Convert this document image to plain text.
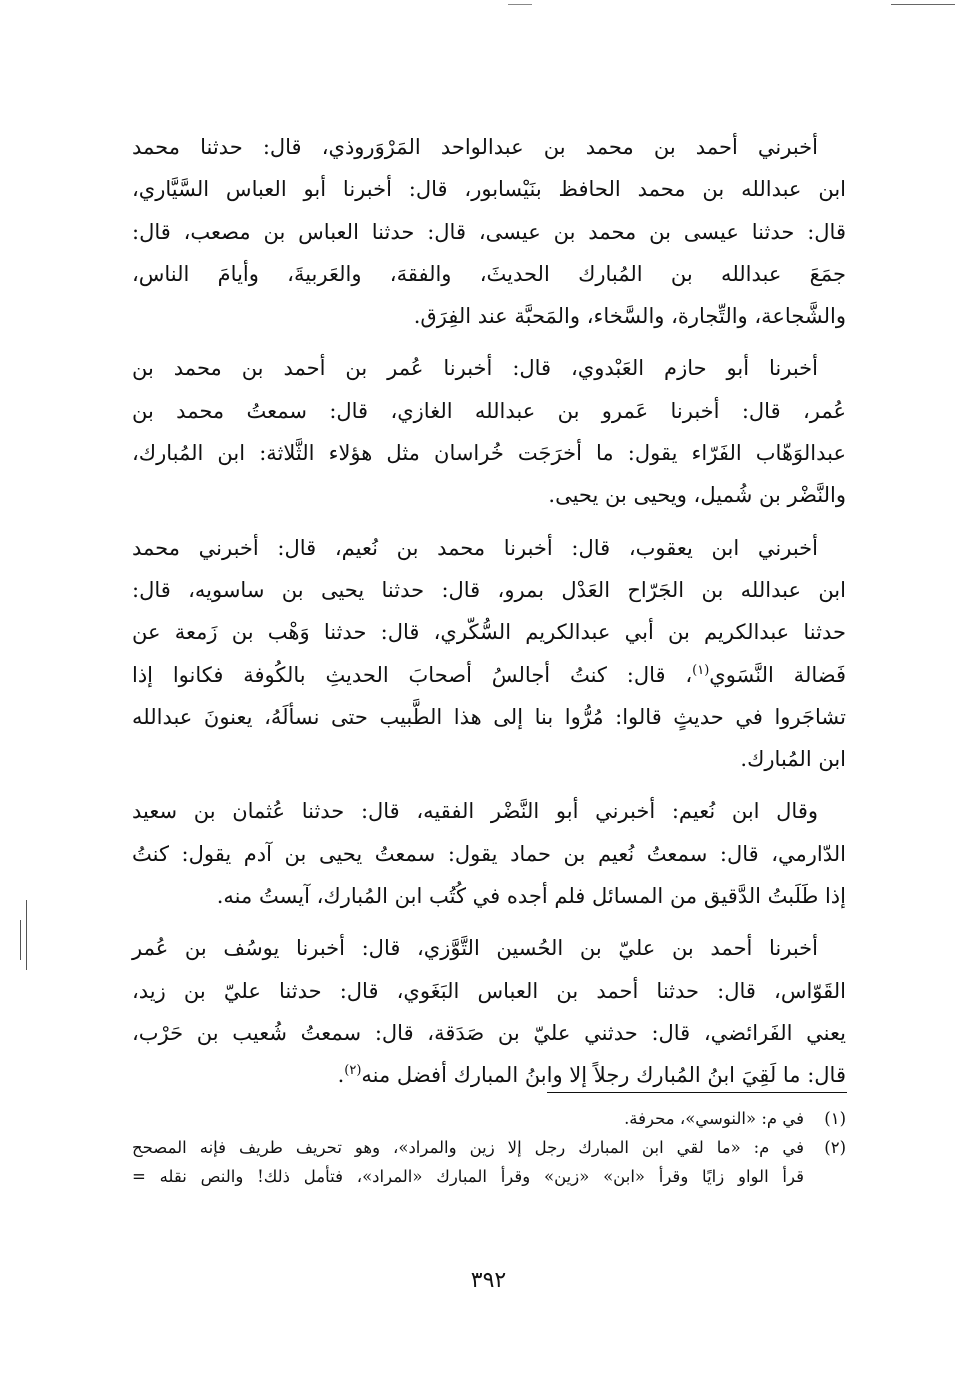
أخبرني أحمد بن محمد بن عبدالواحد المَرْوَروذي، قال: حدثنا محمد
ابن عبدالله بن محمد الحافظ بنَيْسابور، قال: أخبرنا أبو العباس السَّيَّاري،
قال: حدثنا عيسى بن محمد بن عيسى، قال: حدثنا العباس بن مصعب، قال:
جمَعَ عبدالله بن المُبارك الحديثَ، والفقهَ، والعَربيةَ، وأيامَ الناس،
والشَّجاعة، والتِّجارة، والسَّخاء، والمَحبَّة عند الفِرَق.

أخبرنا أبو حازم العَبْدوي، قال: أخبرنا عُمر بن أحمد بن محمد بن
عُمر، قال: أخبرنا عَمرو بن عبدالله الغازي، قال: سمعتُ محمد بن
عبدالوَهّاب الفَرّاء يقول: ما أخرَجَت خُراسان مثل هؤلاء الثَّلاثة: ابن المُبارك،
والنَّضْر بن شُميل، ويحيى بن يحيى.

أخبرني ابن يعقوب، قال: أخبرنا محمد بن نُعيم، قال: أخبرني محمد
ابن عبدالله بن الجَرّاح العَدْل بمرو، قال: حدثنا يحيى بن ساسويه، قال:
حدثنا عبدالكريم بن أبي عبدالكريم السُّكّري، قال: حدثنا وَهْب بن زَمعة عن
فَضالة النَّسَوي$^{(١)}$، قال: كنتُ أجالسُ أصحابَ الحديثِ بالكُوفة فكانوا إذا
تشاجَروا في حديثٍ قالوا: مُرُّوا بنا إلى هذا الطَّبيب حتى نسألَهُ، يعنونَ عبدالله
ابن المُبارك.

وقال ابن نُعيم: أخبرني أبو النَّضْر الفقيه، قال: حدثنا عُثمان بن سعيد
الدّارمي، قال: سمعتُ نُعيم بن حماد يقول: سمعتُ يحيى بن آدم يقول: كنتُ
إذا طَلَبتُ الدَّقيق من المسائل فلم أجده في كُتُب ابن المُبارك، آيستُ منه.

أخبرنا أحمد بن عليّ بن الحُسين التَّوَّزي، قال: أخبرنا يوسُف بن عُمر
القَوّاس، قال: حدثنا أحمد بن العباس البَغَوي، قال: حدثنا عليّ بن زيد،
يعني الفَرائضي، قال: حدثني عليّ بن صَدَقة، قال: سمعتُ شُعيب بن حَرْب،
قال: ما لَقِيَ ابنُ المُبارك رجلاً إلا وابنُ المبارك أفضل منه$^{(٢)}$.

(١)في م: «النوسي»، محرفة.
(٢)في م: «ما لقي ابن المبارك رجل إلا زين والمراد»، وهو تحريف طريف فإنه المصحح
قرأ الواو زايًا وقرأ «ابن» «زين» وقرأ المبارك «المراد»، فتأمل ذلك! والنص نقله =
٣٩٢
